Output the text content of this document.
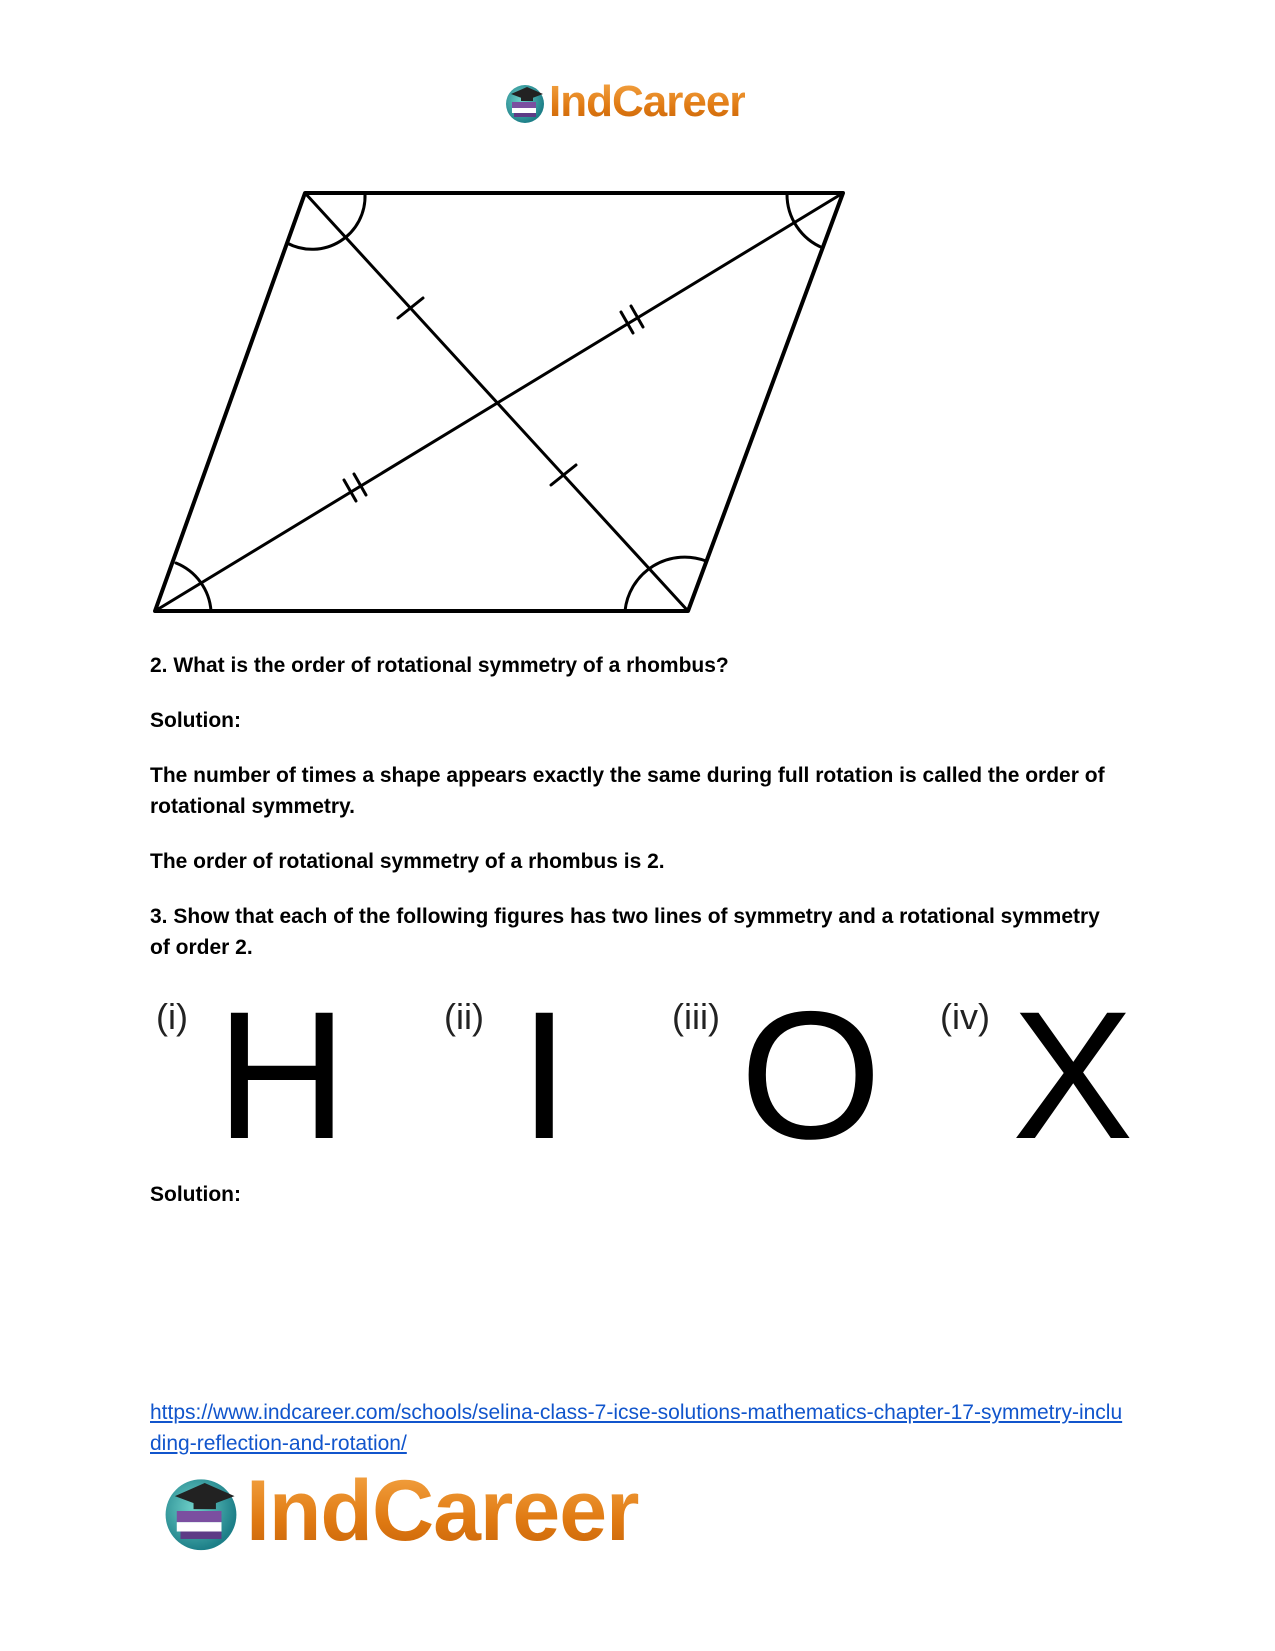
IndCareer

2. What is the order of rotational symmetry of a rhombus?

Solution:

The number of times a shape appears exactly the same during full rotation is called the order of rotational symmetry.

The order of rotational symmetry of a rhombus is 2.

3. Show that each of the following figures has two lines of symmetry and a rotational symmetry of order 2.

(i) H	(ii) I	(iii) O (iv) X

Solution:

https://www.indcareer.com/schools/selina-class-7-icse-solutions-mathematics-chapter-17-symmetry-including-reflection-and-rotation/
IndCareer
